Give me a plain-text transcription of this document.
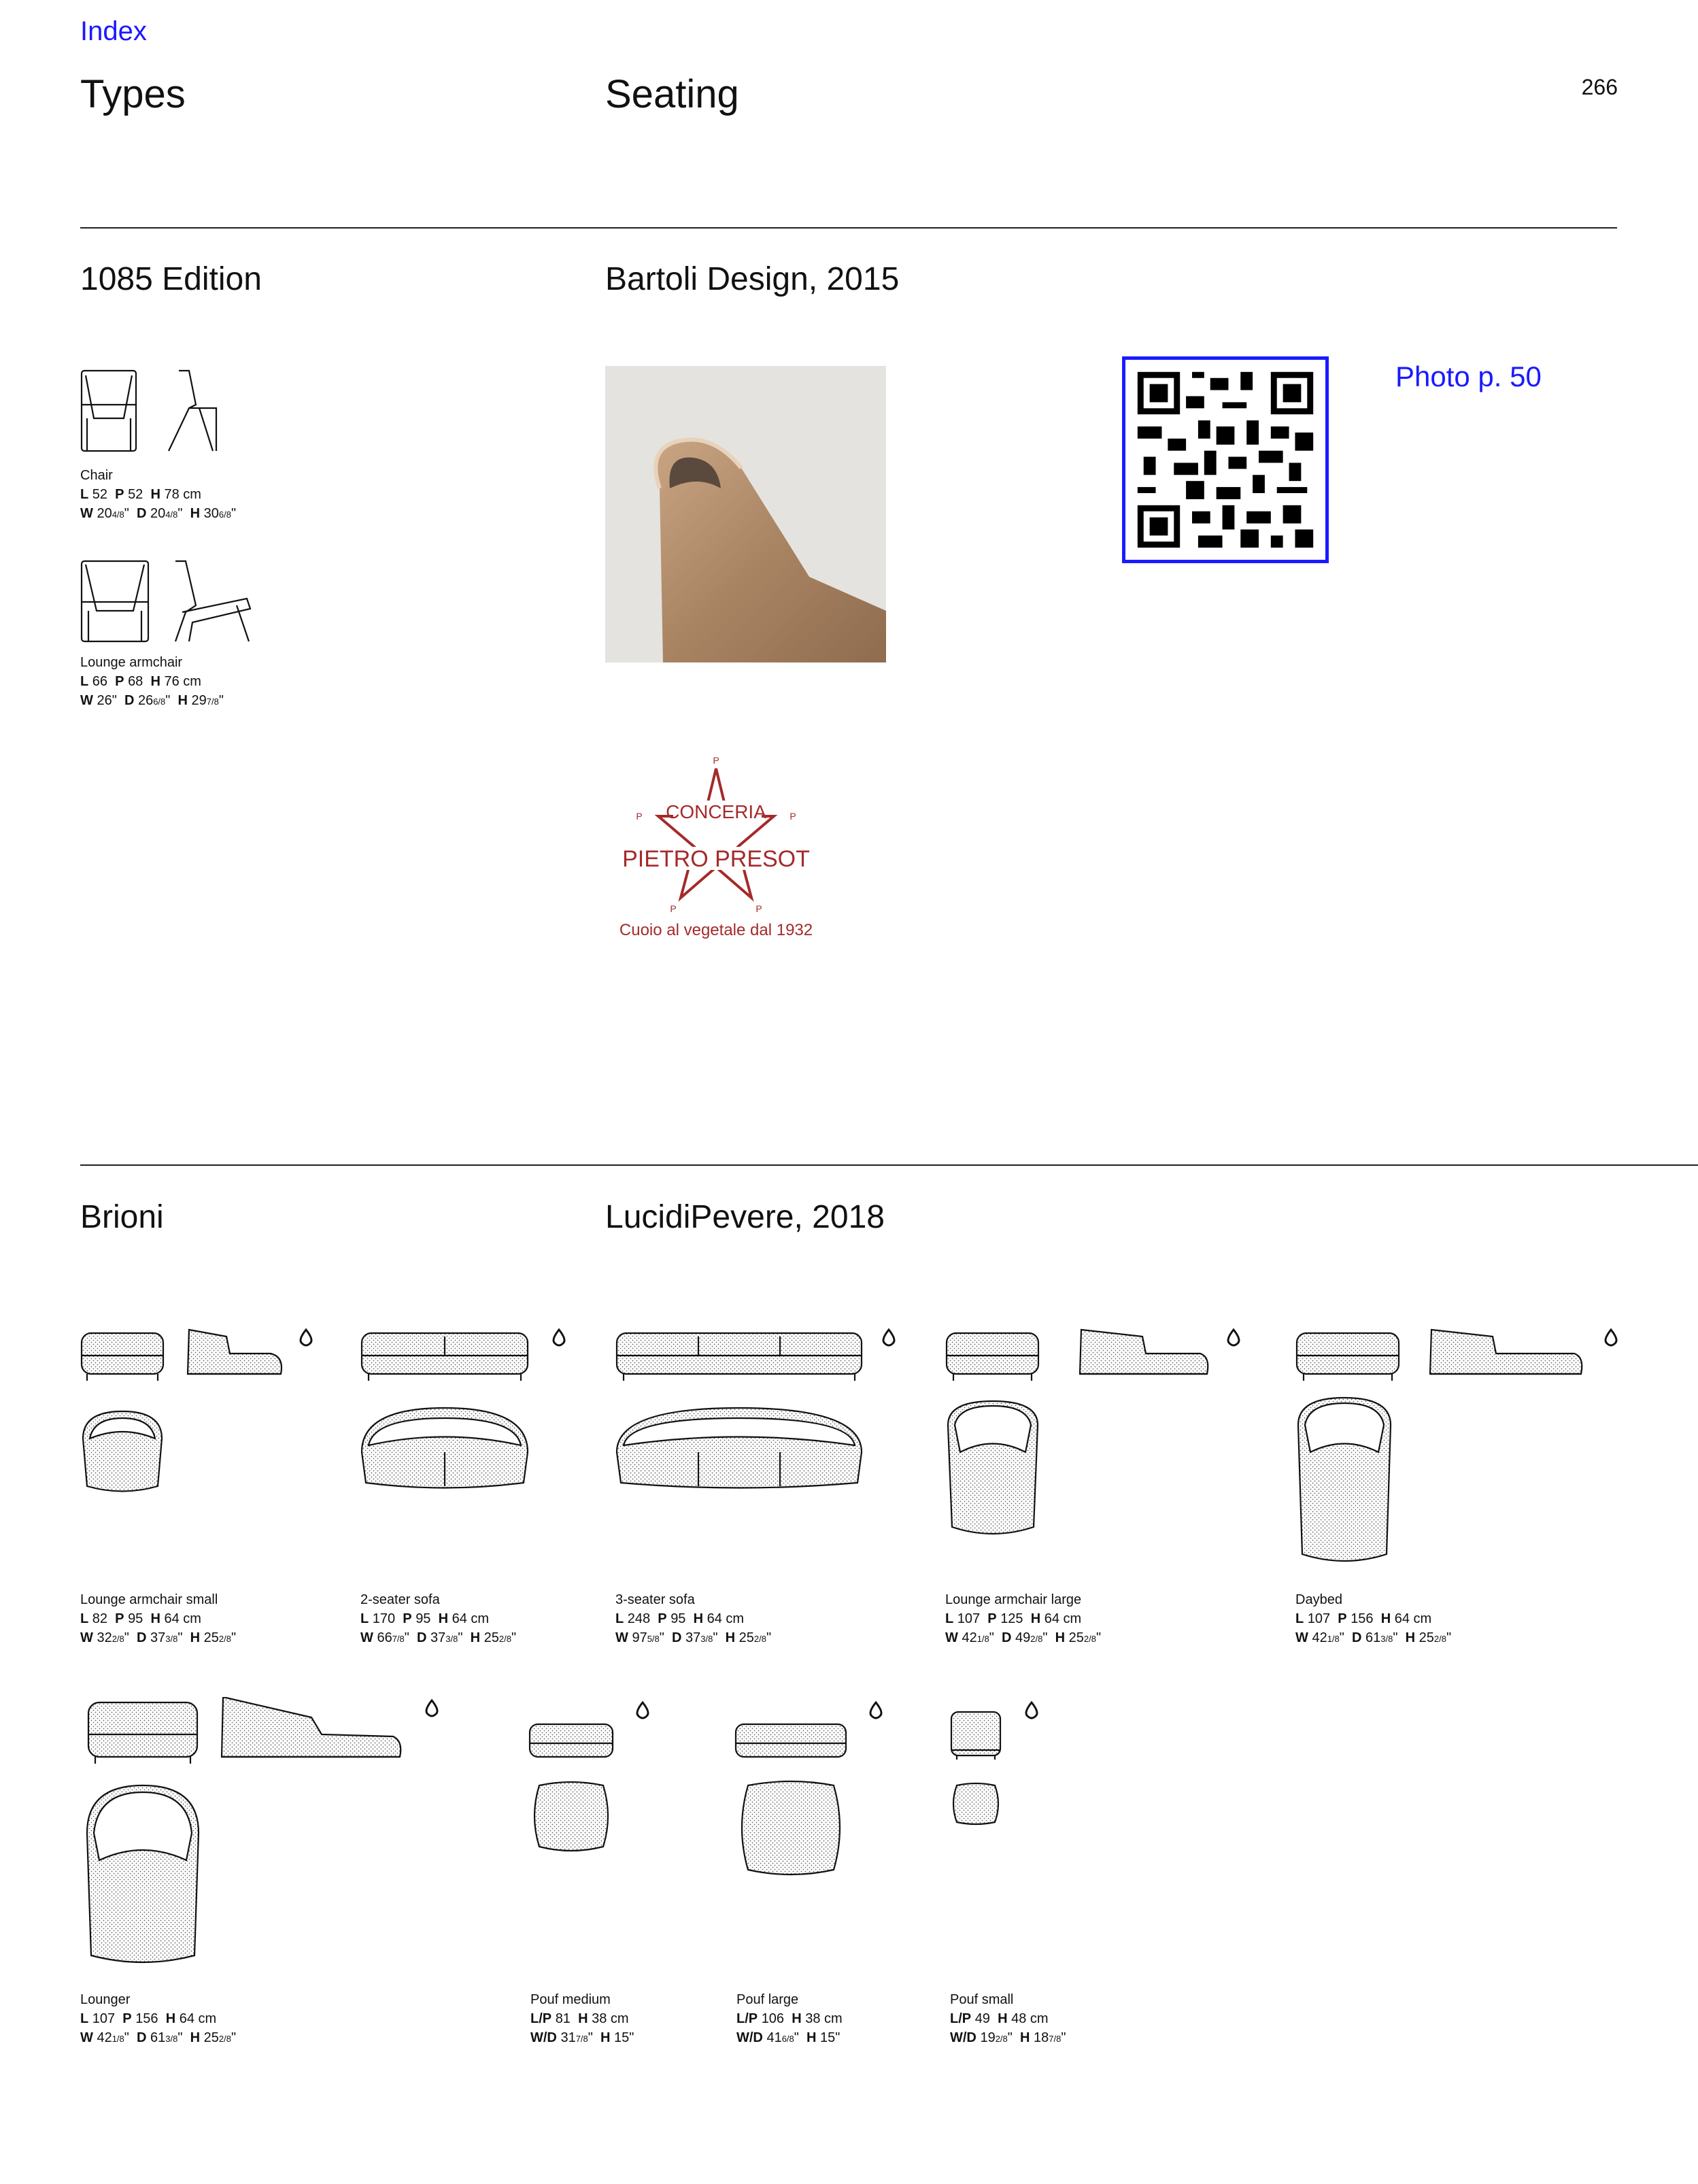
Index
Types	Seating	266
1085 Edition	Bartoli Design, 2015
Chair
L 52 P 52 H 78 cm
W 204/8" D 204/8" H 306/8"
Lounge armchair
L 66 P 68 H 76 cm
W 26" D 266/8" H 297/8"
Photo p. 50
CONCERIA
PIETRO PRESOT
P
P	P
P	P
Cuoio al vegetale dal 1932
Brioni	LucidiPevere, 2018
Lounge armchair small
L 82 P 95 H 64 cm
W 322/8" D 373/8" H 252/8"
2-seater sofa
L 170 P 95 H 64 cm
W 667/8" D 373/8" H 252/8"
3-seater sofa
L 248 P 95 H 64 cm
W 975/8" D 373/8" H 252/8"
Lounge armchair large
L 107 P 125 H 64 cm
W 421/8" D 492/8" H 252/8"
Daybed
L 107 P 156 H 64 cm
W 421/8" D 613/8" H 252/8"
Lounger
L 107 P 156 H 64 cm
W 421/8" D 613/8" H 252/8"
Pouf medium
L/P 81 H 38 cm
W/D 317/8" H 15"
Pouf large
L/P 106 H 38 cm
W/D 416/8" H 15"
Pouf small
L/P 49 H 48 cm
W/D 192/8" H 187/8"
